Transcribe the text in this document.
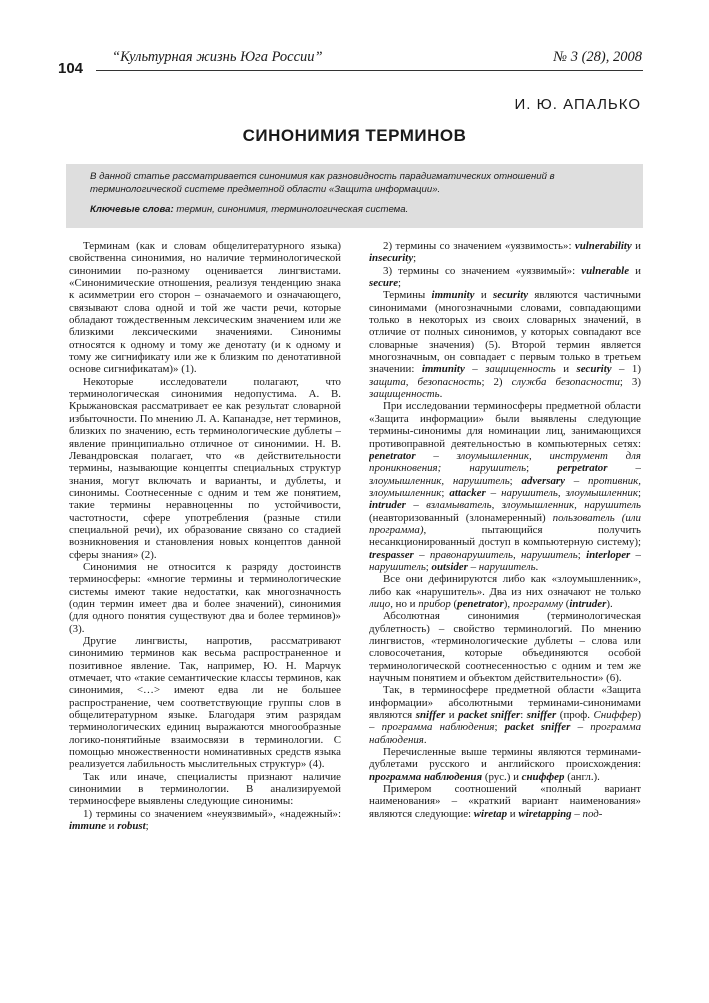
104
“Культурная жизнь Юга России”	№ 3 (28), 2008
И. Ю. АПАЛЬКО
СИНОНИМИЯ ТЕРМИНОВ

В данной статье рассматривается синонимия как разновидность парадигматических отношений в терминологической системе предметной области «Защита информации».

Ключевые слова: термин, синонимия, терминологическая система.

Терминам (как и словам общелитературного языка) свойственна синонимия, но наличие терминологической синонимии по-разному оценивается лингвистами. «Синонимические отношения, реализуя тенденцию знака к асимметрии его сторон – означаемого и означающего, связывают слова одной и той же части речи, которые обладают тождественным лексическим значением или же близкими лексическими значениями. Синонимы относятся к одному и тому же денотату (и к одному и тому же сигнификату или же к близким по денотативной основе сигнификатам)» (1).

Некоторые исследователи полагают, что терминологическая синонимия недопустима. А. В. Крыжановская рассматривает ее как результат словарной избыточности. По мнению Л. А. Капанадзе, нет терминов, близких по значению, есть терминологические дублеты – явление принципиально отличное от синонимии. Н. В. Левандровская полагает, что «в действительности термины, называющие концепты специальных структур знания, могут включать и варианты, и дублеты, и синонимы. Соотнесенные с одним и тем же понятием, такие термины неравноценны по устойчивости, частотности, сфере употребления (разные стили специальной речи), их образование связано со стадией возникновения и становления новых концептов данной сферы знания» (2).

Синонимия не относится к разряду достоинств терминосферы: «многие термины и терминологические системы имеют такие недостатки, как многозначность (один термин имеет два и более значений), синонимия (для одного понятия существуют два и более терминов)» (3).

Другие лингвисты, напротив, рассматривают синонимию терминов как весьма распространенное и позитивное явление. Так, например, Ю. Н. Марчук отмечает, что «такие семантические классы терминов, как синонимия, <…> имеют едва ли не большее распространение, чем соответствующие группы слов в общелитературном языке. Благодаря этим разрядам терминологических единиц выражаются многообразные логико-понятийные взаимосвязи в терминологии. С помощью множественности номинативных средств языка реализуется лабильность мыслительных структур» (4).

Так или иначе, специалисты признают наличие синонимии в терминологии. В анализируемой терминосфере выявлены следующие синонимы:

1) термины со значением «неуязвимый», «надежный»: immune и robust;

2) термины со значением «уязвимость»: vulnerability и insecurity;

3) термины со значением «уязвимый»: vulnerable и secure;

Термины immunity и security являются частичными синонимами (многозначными словами, совпадающими только в некоторых из своих словарных значений, в отличие от полных синонимов, у которых совпадают все словарные значения) (5). Второй термин является многозначным, он совпадает с первым только в третьем значении: immunity – защищенность и security – 1) защита, безопасность; 2) служба безопасности; 3) защищенность.

При исследовании терминосферы предметной области «Защита информации» были выявлены следующие термины-синонимы для номинации лиц, занимающихся противоправной деятельностью в компьютерных сетях: penetrator – злоумышленник, инструмент для проникновения; нарушитель; perpetrator – злоумышленник, нарушитель; adversary – противник, злоумышленник; attacker – нарушитель, злоумышленник; intruder – взламыватель, злоумышленник, нарушитель (неавторизованный (злонамеренный) пользователь (или программа), пытающийся получить несанкционированный доступ в компьютерную систему); trespasser – правонарушитель, нарушитель; interloper – нарушитель; outsider – нарушитель.

Все они дефинируются либо как «злоумышленник», либо как «нарушитель». Два из них означают не только лицо, но и прибор (penetrator), программу (intruder).

Абсолютная синонимия (терминологическая дублетность) – свойство терминологий. По мнению лингвистов, «терминологические дублеты – слова или словосочетания, которые объединяются особой терминологической соотнесенностью с одним и тем же научным понятием и объектом действительности» (6).

Так, в терминосфере предметной области «Защита информации» абсолютными терминами-синонимами являются sniffer и packet sniffer: sniffer (проф. Сниффер) – программа наблюдения; packet sniffer – программа наблюдения.

Перечисленные выше термины являются терминами-дублетами русского и английского происхождения: программа наблюдения (рус.) и сниффер (англ.).

Примером соотношений «полный вариант наименования» – «краткий вариант наименования» являются следующие: wiretap и wiretapping – под-
